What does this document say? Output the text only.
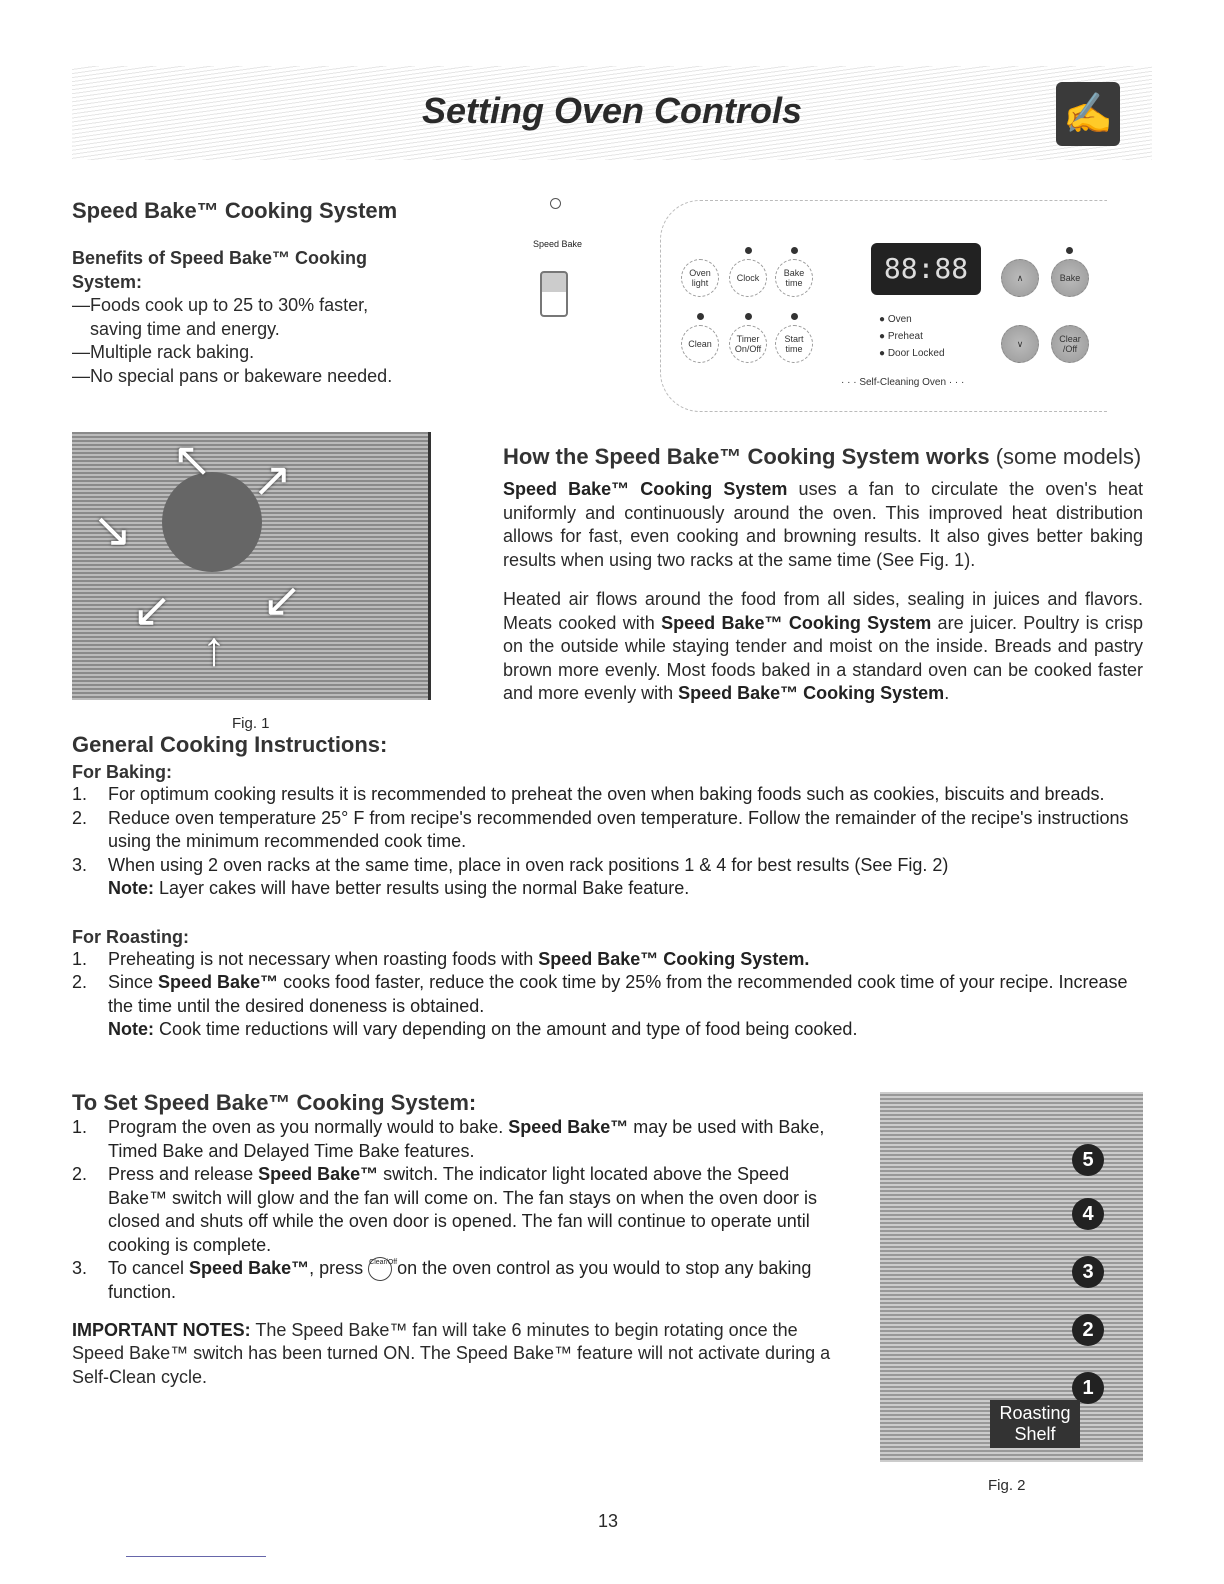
Setting Oven Controls	✍
Speed Bake™ Cooking System
Benefits of Speed Bake™ Cooking System:
—Foods cook up to 25 to 30% faster,
saving time and energy.
—Multiple rack baking.
—No special pans or bakeware needed.
Speed Bake
Oven light	Clock	Bake time
Clean	Timer On/Off
Start time
88:88
● Oven
● Preheat
● Door Locked
∧	Bake
∨	Clear /Off
· · · Self-Cleaning Oven · · ·
↖ ↗
↘
↙
↙
↑
Fig. 1
How the Speed Bake™ Cooking System works (some models)
Speed Bake™ Cooking System uses a fan to circulate the oven's heat uniformly and continuously around the oven. This improved heat distribution allows for fast, even cooking and browning results. It also gives better baking results when using two racks at the same time (See Fig. 1).
Heated air flows around the food from all sides, sealing in juices and flavors. Meats cooked with Speed Bake™ Cooking System are juicer. Poultry is crisp on the outside while staying tender and moist on the inside. Breads and pastry brown more evenly. Most foods baked in a standard oven can be cooked faster and more evenly with Speed Bake™ Cooking System.
General Cooking Instructions:
For Baking:
1. For optimum cooking results it is recommended to preheat the oven when baking foods such as cookies, biscuits and breads.
2. Reduce oven temperature 25° F from recipe's recommended oven temperature. Follow the remainder of the recipe's instructions using the minimum recommended cook time.
3. When using 2 oven racks at the same time, place in oven rack positions 1 & 4 for best results (See Fig. 2)
Note: Layer cakes will have better results using the normal Bake feature.
For Roasting:
1. Preheating is not necessary when roasting foods with Speed Bake™ Cooking System.
2. Since Speed Bake™ cooks food faster, reduce the cook time by 25% from the recommended cook time of your recipe. Increase the time until the desired doneness is obtained.
Note: Cook time reductions will vary depending on the amount and type of food being cooked.
To Set Speed Bake™ Cooking System:
1. Program the oven as you normally would to bake. Speed Bake™ may be used with Bake, Timed Bake and Delayed Time Bake features.
2. Press and release Speed Bake™ switch. The indicator light located above the Speed Bake™ switch will glow and the fan will come on. The fan stays on when the oven door is closed and shuts off while the oven door is opened. The fan will continue to operate until cooking is complete.
3. To cancel Speed Bake™, press Clear/Off on the oven control as you would to stop any baking function.
IMPORTANT NOTES: The Speed Bake™ fan will take 6 minutes to begin rotating once the Speed Bake™ switch has been turned ON. The Speed Bake™ feature will not activate during a Self-Clean cycle.
5
4
3
2
1
Roasting Shelf
Fig. 2
13
